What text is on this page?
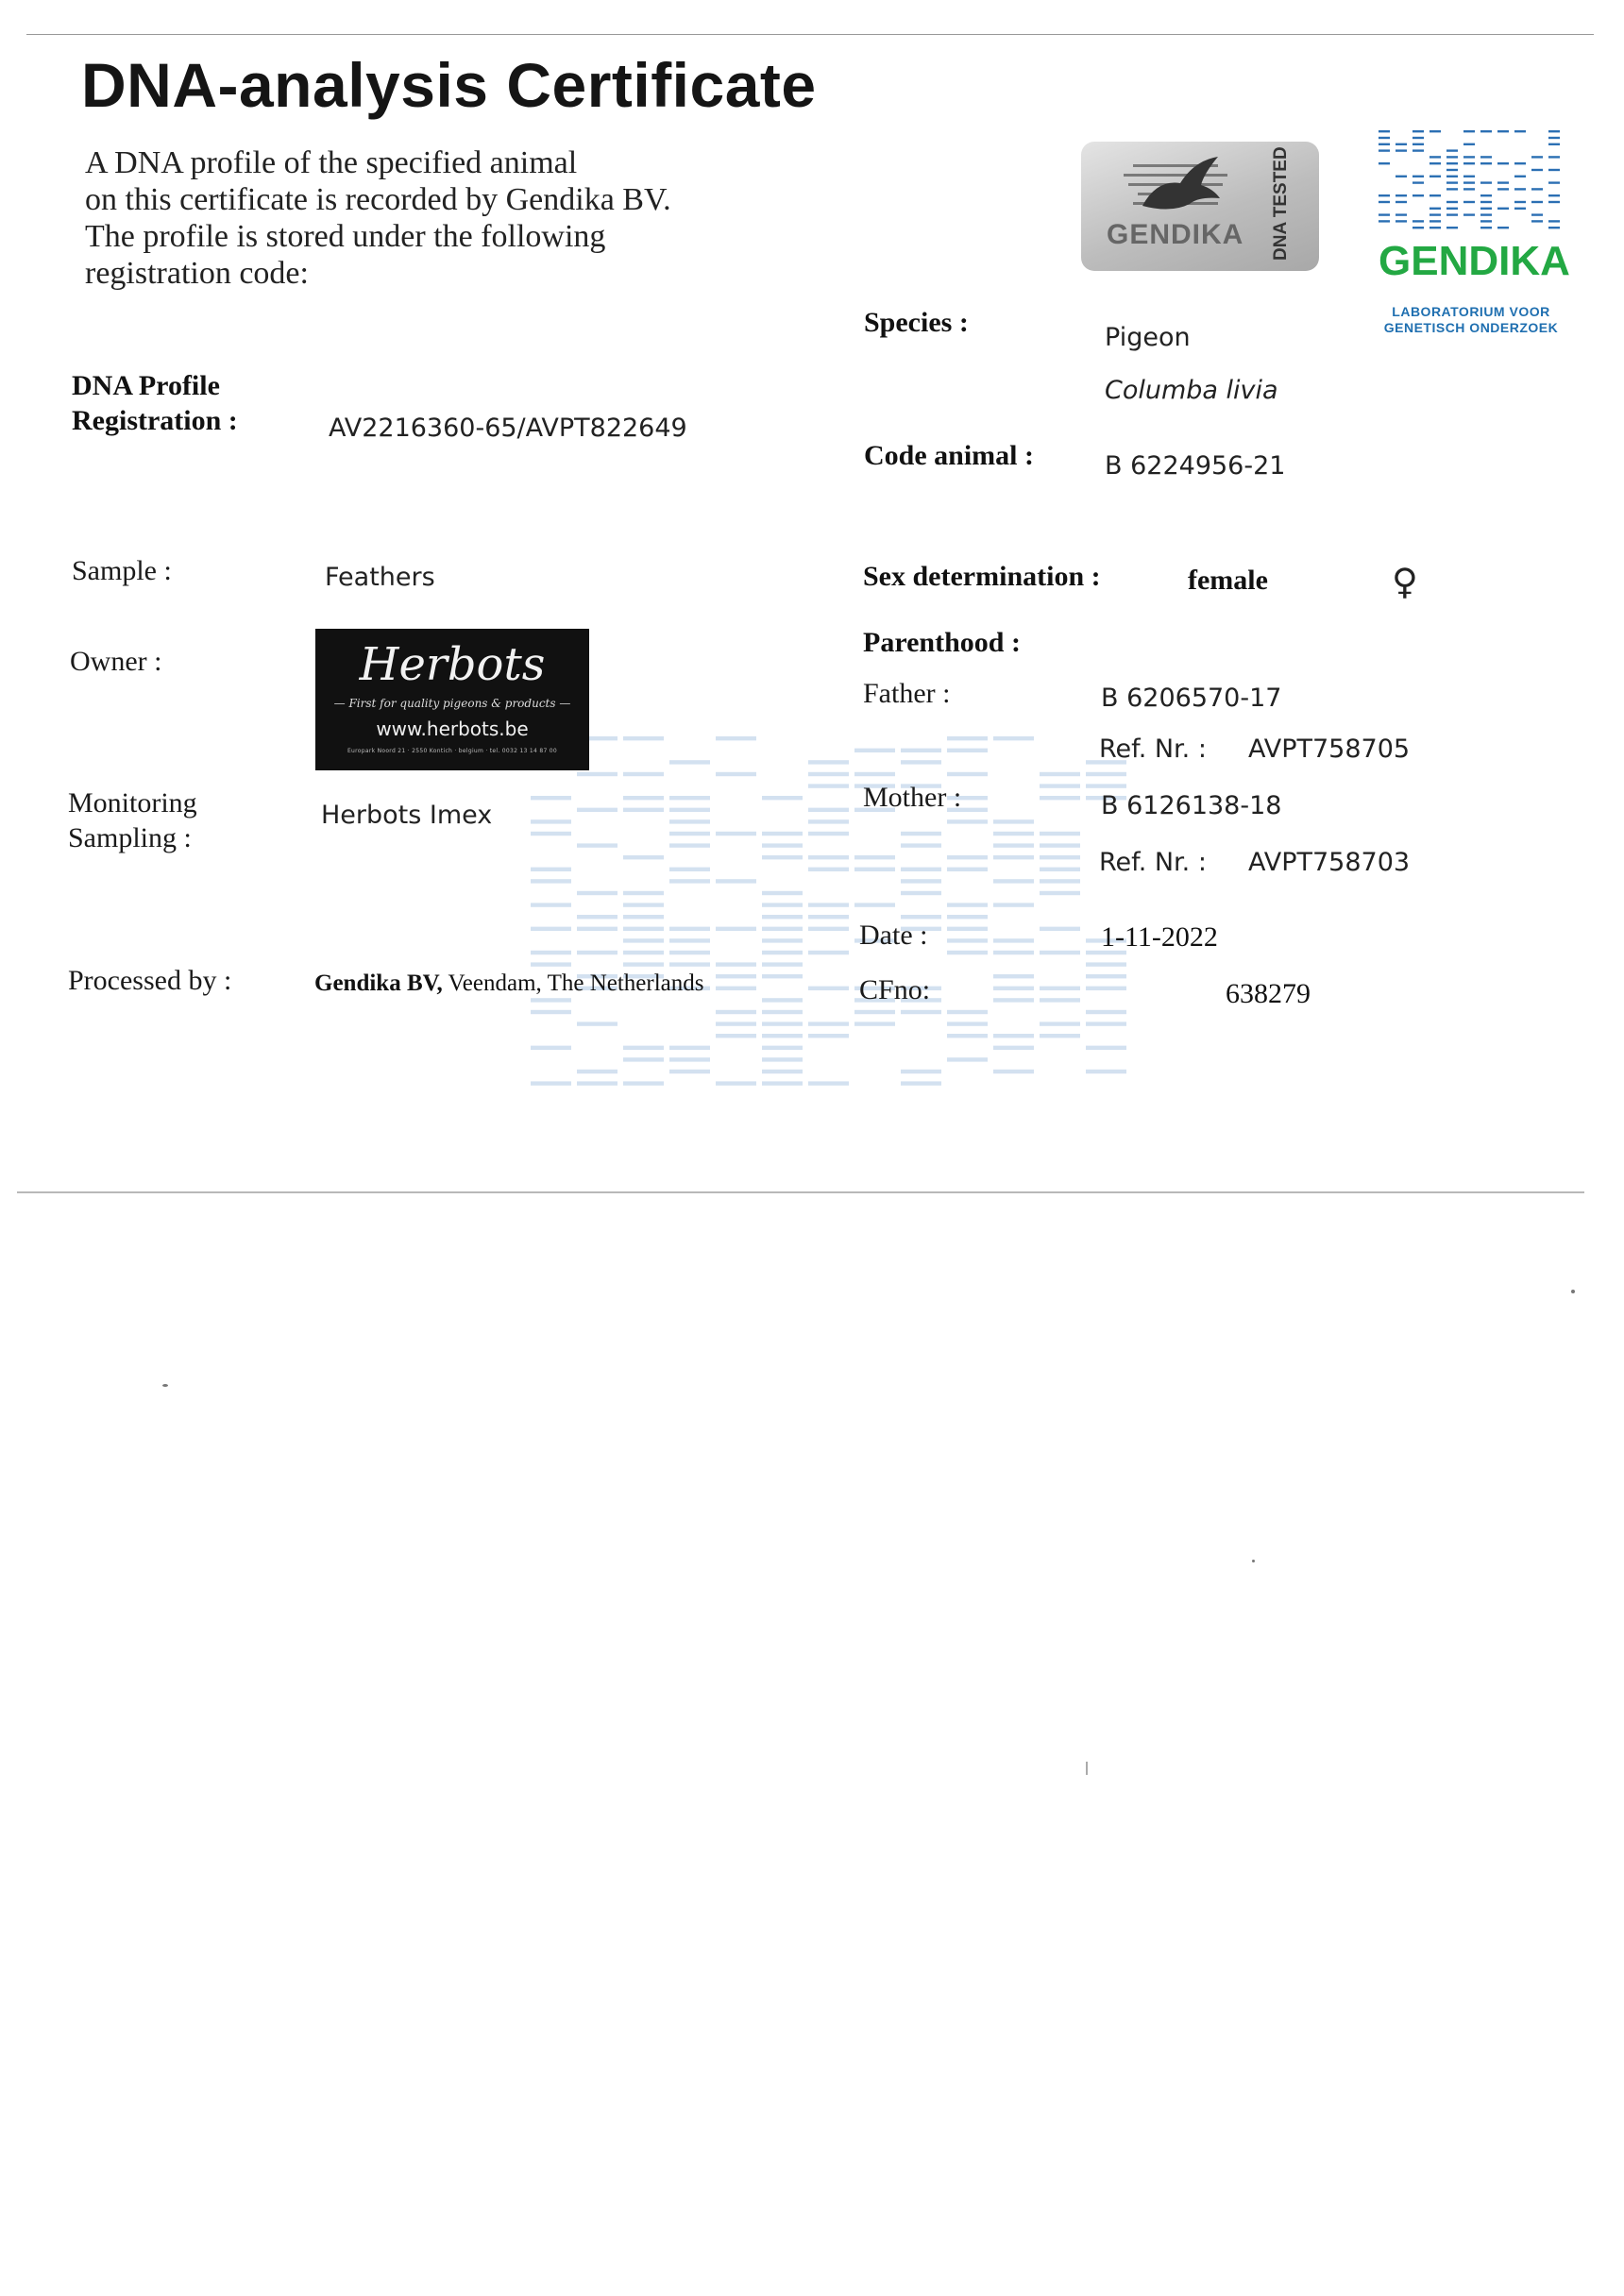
DNA-analysis Certificate
A DNA profile of the specified animal
on this certificate is recorded by Gendika BV.
The profile is stored under the following
registration code:
GENDIKA DNA TESTED
GENDIKA
LABORATORIUM VOOR
GENETISCH ONDERZOEK
DNA Profile
Registration :	AV2216360-65/AVPT822649
Sample :	Feathers
Owner :	Herbots
— First for quality pigeons & products —
www.herbots.be
Europark Noord 21 · 2550 Kontich · belgium · tel. 0032 13 14 87 00
Monitoring
Sampling :
Herbots Imex
Processed by :	Gendika BV, Veendam, The Netherlands
Species :	Pigeon
Columba livia
Code animal :	B 6224956-21
Sex determination :	female	♀
Parenthood :
Father :	B 6206570-17
Ref. Nr. : AVPT758705
Mother :	B 6126138-18
Ref. Nr. : AVPT758703
Date :	1-11-2022
CFno:	638279
